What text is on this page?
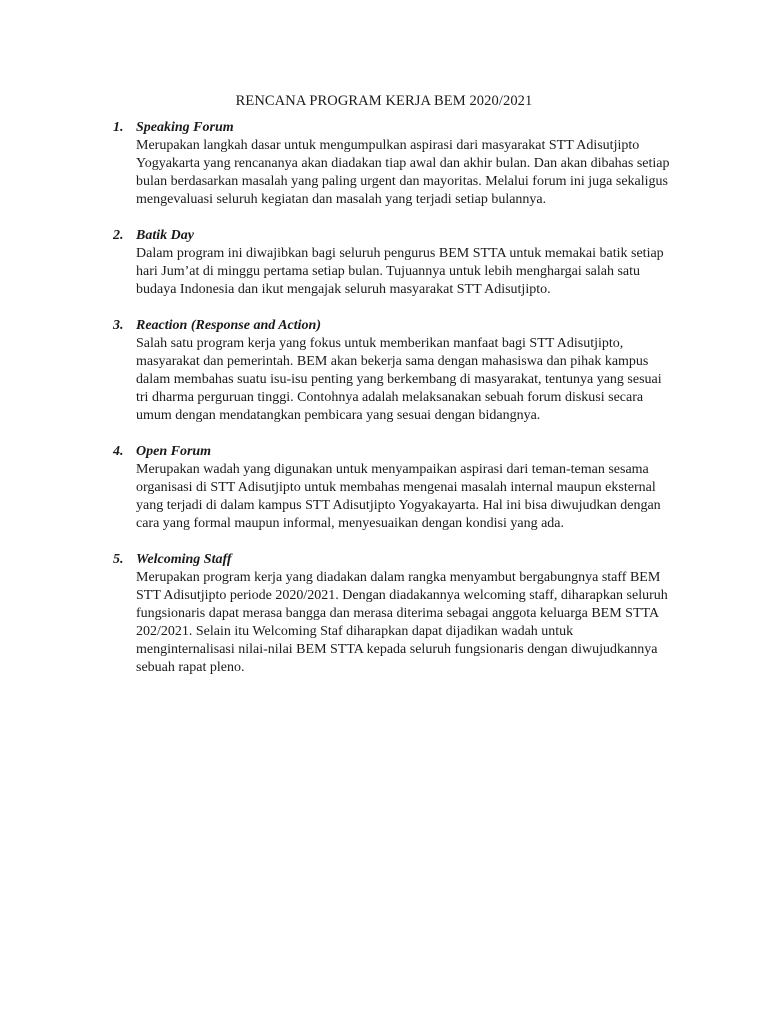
RENCANA PROGRAM KERJA BEM 2020/2021
1. Speaking Forum

Merupakan langkah dasar untuk mengumpulkan aspirasi dari masyarakat STT Adisutjipto Yogyakarta yang rencananya akan diadakan tiap awal dan akhir bulan. Dan akan dibahas setiap bulan berdasarkan masalah yang paling urgent dan mayoritas. Melalui forum ini juga sekaligus mengevaluasi seluruh kegiatan dan masalah yang terjadi setiap bulannya.

2. Batik Day

Dalam program ini diwajibkan bagi seluruh pengurus BEM STTA untuk memakai batik setiap hari Jum’at di minggu pertama setiap bulan. Tujuannya untuk lebih menghargai salah satu budaya Indonesia dan ikut mengajak seluruh masyarakat STT Adisutjipto.

3. Reaction (Response and Action)

Salah satu program kerja yang fokus untuk memberikan manfaat bagi STT Adisutjipto, masyarakat dan pemerintah. BEM akan bekerja sama dengan mahasiswa dan pihak kampus dalam membahas suatu isu-isu penting yang berkembang di masyarakat, tentunya yang sesuai tri dharma perguruan tinggi. Contohnya adalah melaksanakan sebuah forum diskusi secara umum dengan mendatangkan pembicara yang sesuai dengan bidangnya.

4. Open Forum

Merupakan wadah yang digunakan untuk menyampaikan aspirasi dari teman-teman sesama organisasi di STT Adisutjipto untuk membahas mengenai masalah internal maupun eksternal yang terjadi di dalam kampus STT Adisutjipto Yogyakayarta. Hal ini bisa diwujudkan dengan cara yang formal maupun informal, menyesuaikan dengan kondisi yang ada.

5. Welcoming Staff

Merupakan program kerja yang diadakan dalam rangka menyambut bergabungnya staff BEM STT Adisutjipto periode 2020/2021. Dengan diadakannya welcoming staff, diharapkan seluruh fungsionaris dapat merasa bangga dan merasa diterima sebagai anggota keluarga BEM STTA 202/2021. Selain itu Welcoming Staf diharapkan dapat dijadikan wadah untuk menginternalisasi nilai-nilai BEM STTA kepada seluruh fungsionaris dengan diwujudkannya sebuah rapat pleno.
